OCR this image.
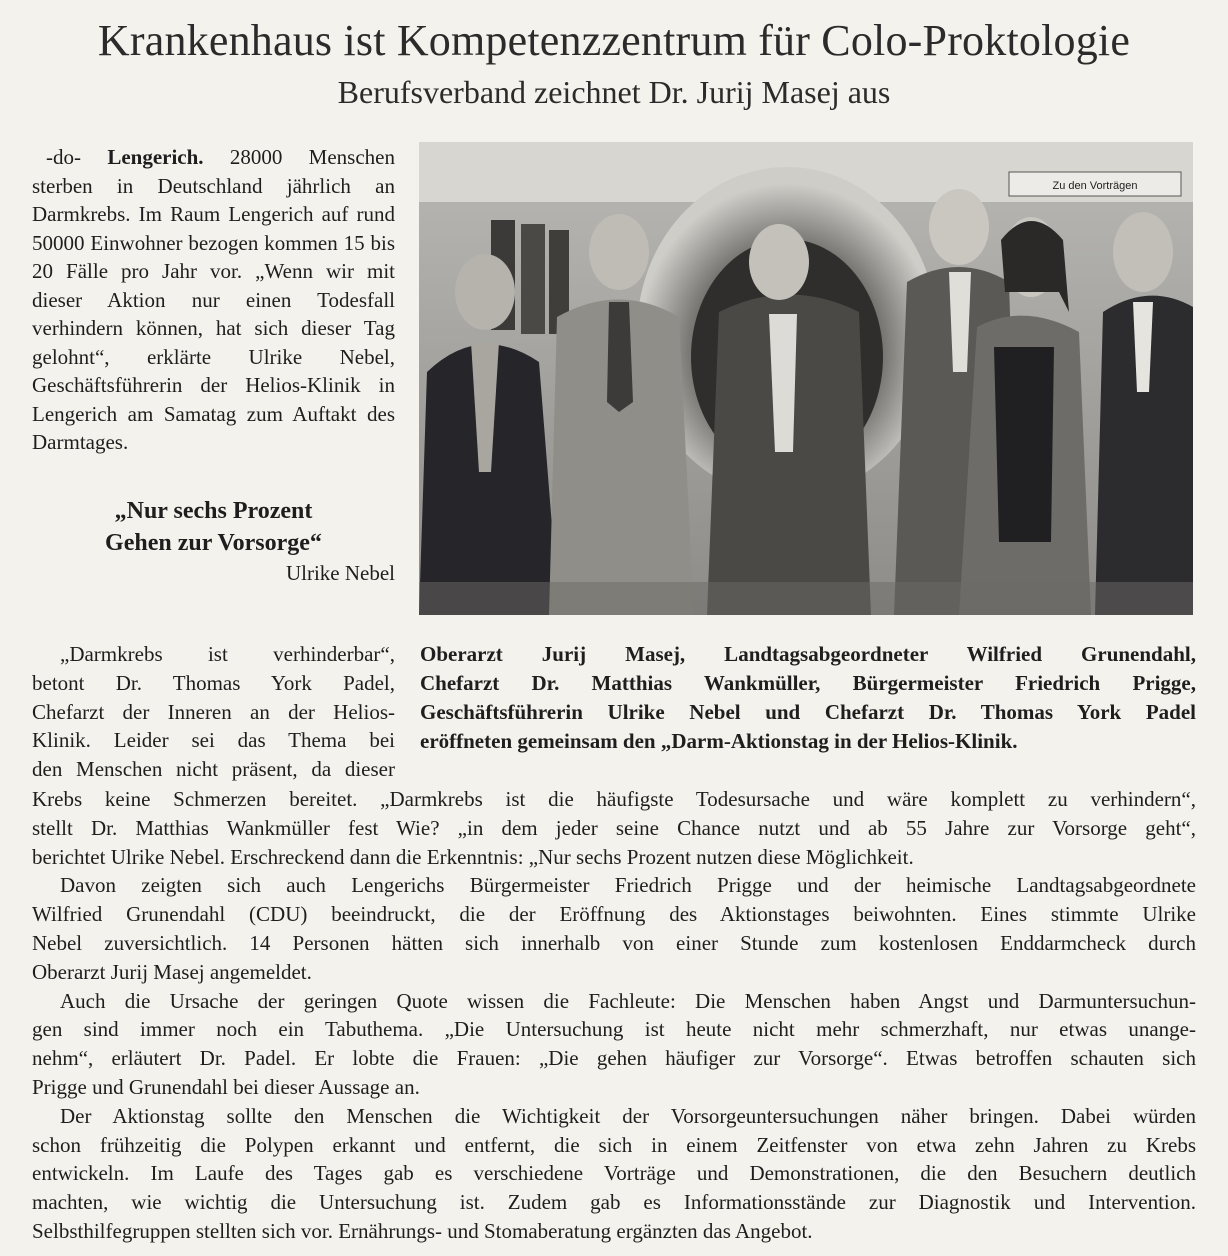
Krankenhaus ist Kompetenzzentrum für Colo-Proktologie
Berufsverband zeichnet Dr. Jurij Masej aus

-do- Lengerich. 28000 Menschen sterben in Deutschland jährlich an Darmkrebs. Im Raum Lengerich auf rund 50000 Einwohner bezogen kommen 15 bis 20 Fälle pro Jahr vor. „Wenn wir mit dieser Aktion nur einen Todesfall verhindern können, hat sich dieser Tag gelohnt“, erklärte Ulrike Nebel, Geschäftsführerin der Helios-Klinik in Lengerich am Samatag zum Auftakt des Darmtages.

„Nur sechs Prozent
Gehen zur Vorsorge“
Ulrike Nebel
Zu den Vorträgen
Oberarzt Jurij Masej, Landtagsabgeordneter Wilfried Grunendahl,
Chefarzt Dr. Matthias Wankmüller, Bürgermeister Friedrich Prigge,
Geschäftsführerin Ulrike Nebel und Chefarzt Dr. Thomas York Padel
eröffneten gemeinsam den „Darm-Aktionstag in der Helios-Klinik.
„Darmkrebs ist verhinderbar“,
betont Dr. Thomas York Padel,
Chefarzt der Inneren an der Helios-
Klinik. Leider sei das Thema bei
den Menschen nicht präsent, da dieser
Krebs keine Schmerzen bereitet. „Darmkrebs ist die häufigste Todesursache und wäre komplett zu verhindern“,
stellt Dr. Matthias Wankmüller fest Wie? „in dem jeder seine Chance nutzt und ab 55 Jahre zur Vorsorge geht“,
berichtet Ulrike Nebel. Erschreckend dann die Erkenntnis: „Nur sechs Prozent nutzen diese Möglichkeit.
Davon zeigten sich auch Lengerichs Bürgermeister Friedrich Prigge und der heimische Landtagsabgeordnete
Wilfried Grunendahl (CDU) beeindruckt, die der Eröffnung des Aktionstages beiwohnten. Eines stimmte Ulrike
Nebel zuversichtlich. 14 Personen hätten sich innerhalb von einer Stunde zum kostenlosen Enddarmcheck durch
Oberarzt Jurij Masej angemeldet.
Auch die Ursache der geringen Quote wissen die Fachleute: Die Menschen haben Angst und Darmuntersuchun-
gen sind immer noch ein Tabuthema. „Die Untersuchung ist heute nicht mehr schmerzhaft, nur etwas unange-
nehm“, erläutert Dr. Padel. Er lobte die Frauen: „Die gehen häufiger zur Vorsorge“. Etwas betroffen schauten sich
Prigge und Grunendahl bei dieser Aussage an.
Der Aktionstag sollte den Menschen die Wichtigkeit der Vorsorgeuntersuchungen näher bringen. Dabei würden
schon frühzeitig die Polypen erkannt und entfernt, die sich in einem Zeitfenster von etwa zehn Jahren zu Krebs
entwickeln. Im Laufe des Tages gab es verschiedene Vorträge und Demonstrationen, die den Besuchern deutlich
machten, wie wichtig die Untersuchung ist. Zudem gab es Informationsstände zur Diagnostik und Intervention.
Selbsthilfegruppen stellten sich vor. Ernährungs- und Stomaberatung ergänzten das Angebot.
